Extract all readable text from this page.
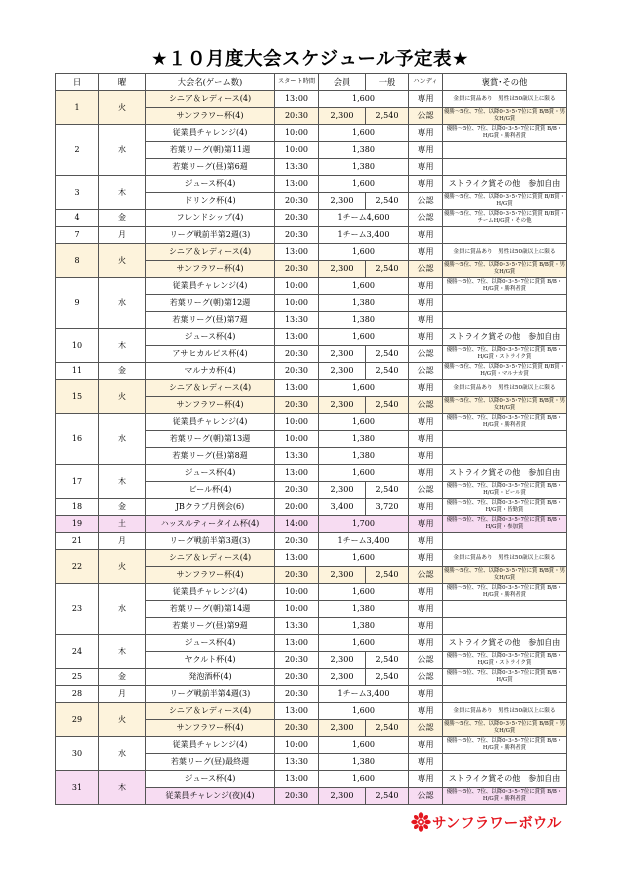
★１０月度大会スケジュール予定表★
日	曜	大会名(ゲーム数)	スタート時間	会員	一般	ハンディ	褒賞･その他
1	火	シニア＆レディース(4)	13:00	1,600		専用	金員に賞品あり　男性は50歳以上に限る
		サンフラワー杯(4)	20:30	2,300	2,540	公認	優勝～5位、7位、以降0･3･5･7位に賞 B/B賞・男女H/G賞
2	水	従業員チャレンジ(4)	10:00	1,600		専用	優勝～5位、7位、以降0･3･5･7位に賞賞 B/B・H/G賞・勝利者賞
		若葉リーグ(朝)第11週	10:00	1,380		専用	
		若葉リーグ(昼)第6週	13:30	1,380		専用	
3	木	ジュース杯(4)	13:00	1,600		専用	ストライク賞その他　参加自由
		ドリンク杯(4)	20:30	2,300	2,540	公認	優勝～5位、7位、以降0･3･5･7位に賞賞 B/B賞・H/G賞
4	金	フレンドシップ(4)	20:30	1チーム4,600		公認	優勝～5位、7位、以降0･3･5･7位に賞賞 B/B賞・チームH/G賞・その他
7	月	リーグ戦前半第2週(3)	20:30	1チーム3,400		専用	
8	火	シニア＆レディース(4)	13:00	1,600		専用	金員に賞品あり　男性は50歳以上に限る
		サンフラワー杯(4)	20:30	2,300	2,540	公認	優勝～5位、7位、以降0･3･5･7位に賞 B/B賞・男女H/G賞
9	水	従業員チャレンジ(4)	10:00	1,600		専用	優勝～5位、7位、以降0･3･5･7位に賞賞 B/B・H/G賞・勝利者賞
		若葉リーグ(朝)第12週	10:00	1,380		専用	
		若葉リーグ(昼)第7週	13:30	1,380		専用	
10	木	ジュース杯(4)	13:00	1,600		専用	ストライク賞その他　参加自由
		アサヒカルピス杯(4)	20:30	2,300	2,540	公認	優勝～5位、7位、以降0･3･5･7位に賞賞 B/B・H/G賞・ストライク賞
11	金	マルナカ杯(4)	20:30	2,300	2,540	公認	優勝～5位、7位、以降0･3･5･7位に賞賞 B/B賞・H/G賞・マルナカ賞
15	火	シニア＆レディース(4)	13:00	1,600		専用	金員に賞品あり　男性は50歳以上に限る
		サンフラワー杯(4)	20:30	2,300	2,540	公認	優勝～5位、7位、以降0･3･5･7位に賞 B/B賞・男女H/G賞
16	水	従業員チャレンジ(4)	10:00	1,600		専用	優勝～5位、7位、以降0･3･5･7位に賞賞 B/B・H/G賞・勝利者賞
		若葉リーグ(朝)第13週	10:00	1,380		専用	
		若葉リーグ(昼)第8週	13:30	1,380		専用	
17	木	ジュース杯(4)	13:00	1,600		専用	ストライク賞その他　参加自由
		ビール杯(4)	20:30	2,300	2,540	公認	優勝～5位、7位、以降0･3･5･7位に賞賞 B/B・H/G賞・ビール賞
18	金	JBクラブ月例会(6)	20:00	3,400	3,720	専用	優勝～5位、7位、以降0･3･5･7位に賞賞 B/B・H/G賞・皆勤賞
19	土	ハッスルティータイム杯(4)	14:00	1,700		専用	優勝～5位、7位、以降0･3･5･7位に賞賞 B/B・H/G賞・参加賞
21	月	リーグ戦前半第3週(3)	20:30	1チーム3,400		専用	
22	火	シニア＆レディース(4)	13:00	1,600		専用	金員に賞品あり　男性は50歳以上に限る
		サンフラワー杯(4)	20:30	2,300	2,540	公認	優勝～5位、7位、以降0･3･5･7位に賞 B/B賞・男女H/G賞
23	水	従業員チャレンジ(4)	10:00	1,600		専用	優勝～5位、7位、以降0･3･5･7位に賞賞 B/B・H/G賞・勝利者賞
		若葉リーグ(朝)第14週	10:00	1,380		専用	
		若葉リーグ(昼)第9週	13:30	1,380		専用	
24	木	ジュース杯(4)	13:00	1,600		専用	ストライク賞その他　参加自由
		ヤクルト杯(4)	20:30	2,300	2,540	公認	優勝～5位、7位、以降0･3･5･7位に賞賞 B/B・H/G賞・ストライク賞
25	金	発泡酒杯(4)	20:30	2,300	2,540	公認	優勝～5位、7位、以降0･3･5･7位に賞賞 B/B・H/G賞
28	月	リーグ戦前半第4週(3)	20:30	1チーム3,400		専用	
29	火	シニア＆レディース(4)	13:00	1,600		専用	金員に賞品あり　男性は50歳以上に限る
		サンフラワー杯(4)	20:30	2,300	2,540	公認	優勝～5位、7位、以降0･3･5･7位に賞 B/B賞・男女H/G賞
30	水	従業員チャレンジ(4)	10:00	1,600		専用	優勝～5位、7位、以降0･3･5･7位に賞賞 B/B・H/G賞・勝利者賞
		若葉リーグ(昼)最終週	13:30	1,380		専用	
31	木	ジュース杯(4)	13:00	1,600		専用	ストライク賞その他　参加自由
		従業員チャレンジ(夜)(4)	20:30	2,300	2,540	公認	優勝～5位、7位、以降0･3･5･7位に賞賞 B/B・H/G賞・勝利者賞
サンフラワーボウル
